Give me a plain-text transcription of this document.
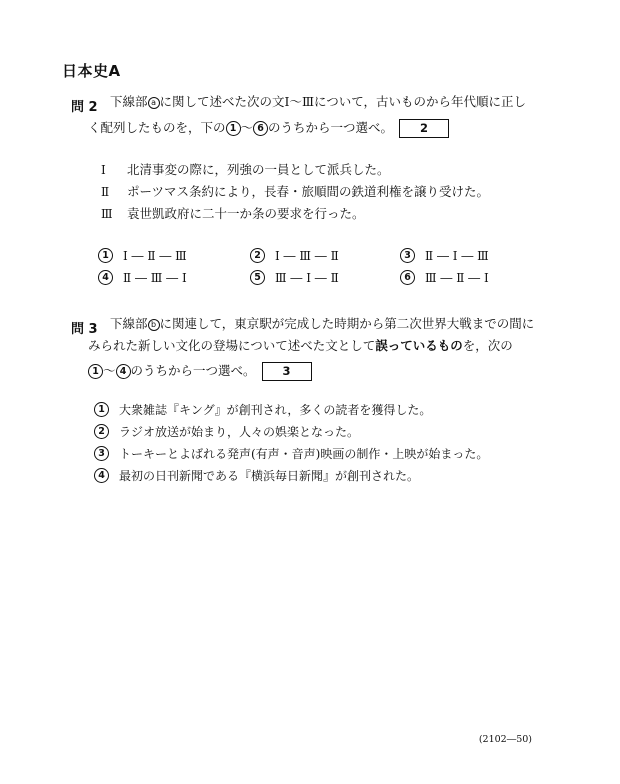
日本史A
問 2 下線部 a に関して述べた次の文Ⅰ〜Ⅲについて，古いものから年代順に正し
く配列したものを，下の 1 〜 6 のうちから一つ選べ。 2
Ⅰ 北清事変の際に，列強の一員として派兵した。
Ⅱ ポーツマス条約により，長春・旅順間の鉄道利権を譲り受けた。
Ⅲ 袁世凱政府に二十一か条の要求を行った。
1 Ⅰ ― Ⅱ ― Ⅲ	2 Ⅰ ― Ⅲ ― Ⅱ	3 Ⅱ ― Ⅰ ― Ⅲ
4 Ⅱ ― Ⅲ ― Ⅰ	5 Ⅲ ― Ⅰ ― Ⅱ	6 Ⅲ ― Ⅱ ― Ⅰ
問 3 下線部 b に関連して，東京駅が完成した時期から第二次世界大戦までの間に
みられた新しい文化の登場について述べた文として誤っているものを，次の
1 〜 4 のうちから一つ選べ。 3
1 大衆雑誌『キング』が創刊され，多くの読者を獲得した。
2 ラジオ放送が始まり，人々の娯楽となった。
3 トーキーとよばれる発声(有声・音声)映画の制作・上映が始まった。
4 最初の日刊新聞である『横浜毎日新聞』が創刊された。
(2102―50)
